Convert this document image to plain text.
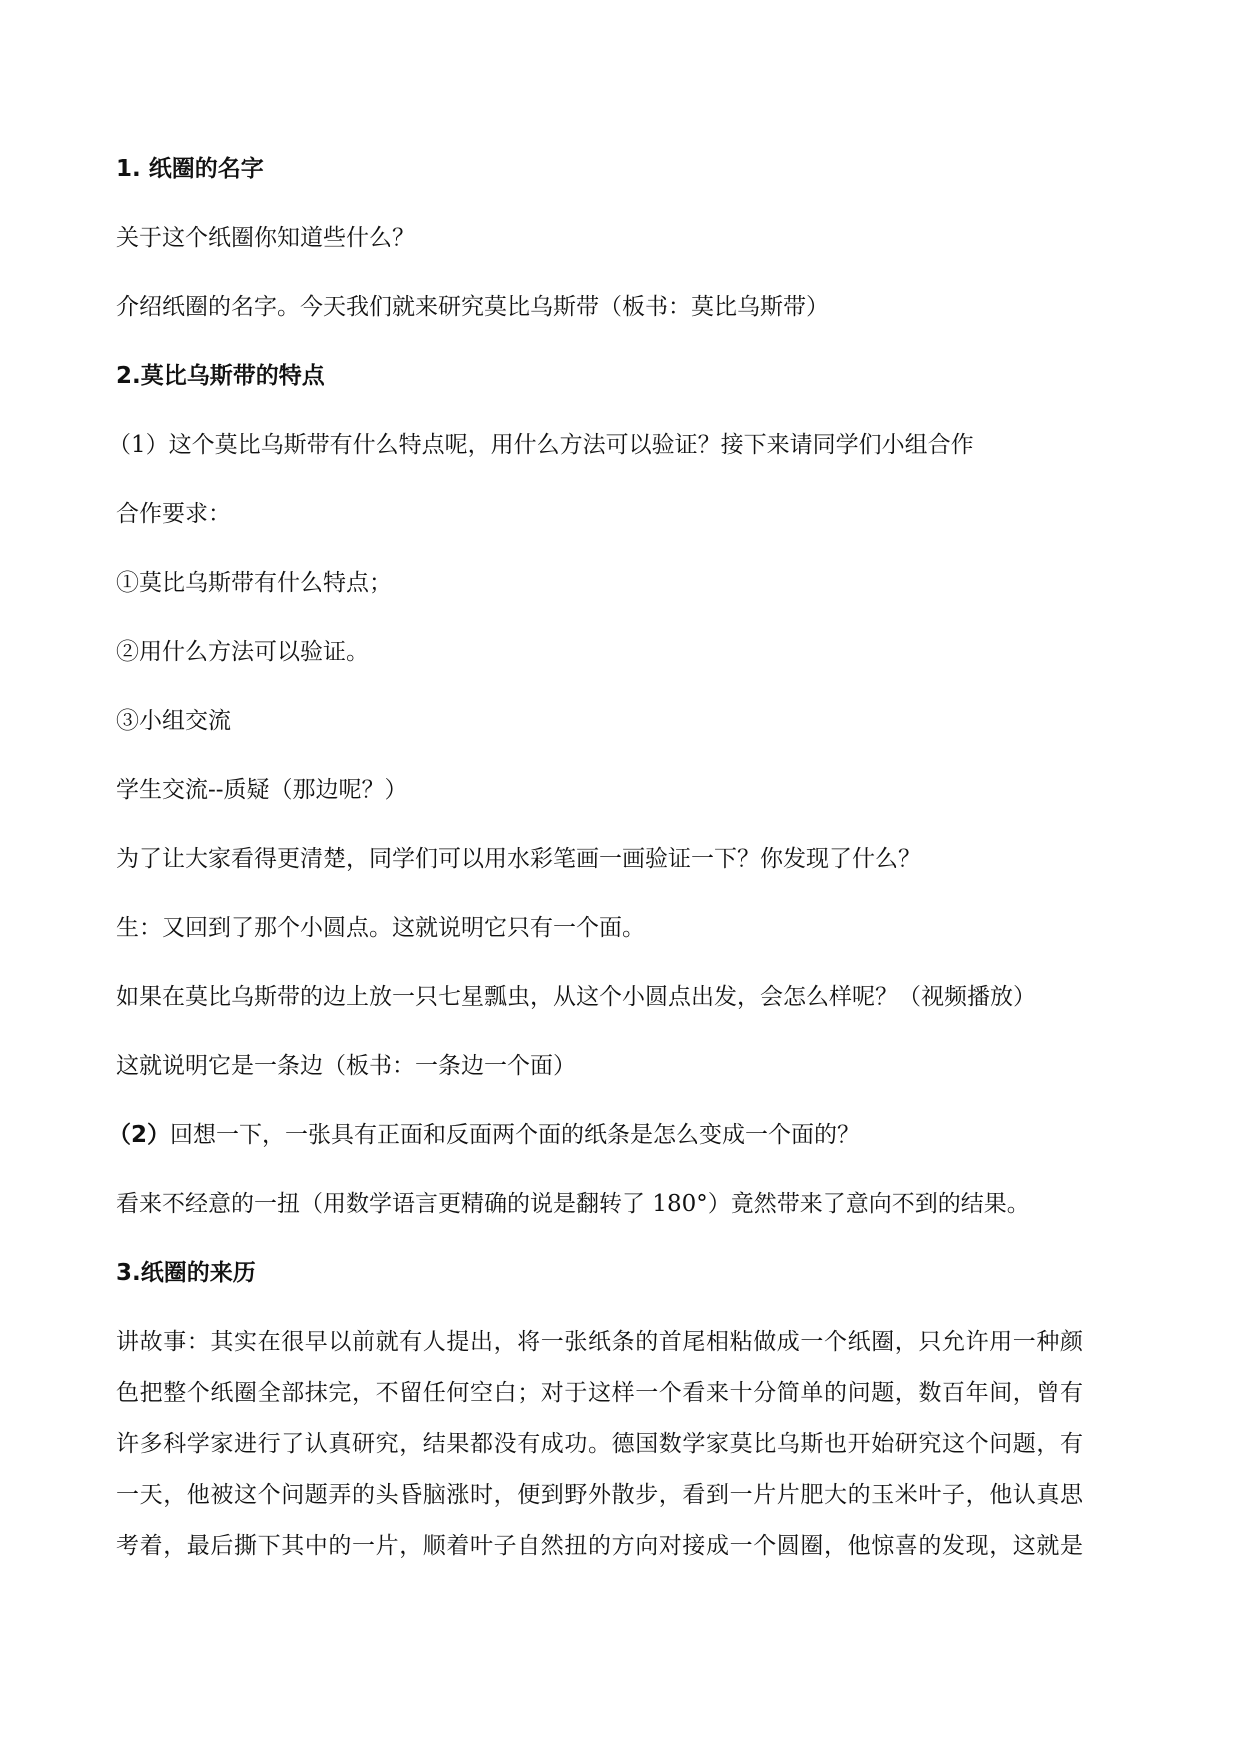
1. 纸圈的名字

关于这个纸圈你知道些什么？

介绍纸圈的名字。今天我们就来研究莫比乌斯带（板书：莫比乌斯带）

2.莫比乌斯带的特点

（1）这个莫比乌斯带有什么特点呢，用什么方法可以验证？接下来请同学们小组合作

合作要求：

①莫比乌斯带有什么特点；

②用什么方法可以验证。

③小组交流

学生交流--质疑（那边呢？）

为了让大家看得更清楚，同学们可以用水彩笔画一画验证一下？你发现了什么？

生：又回到了那个小圆点。这就说明它只有一个面。

如果在莫比乌斯带的边上放一只七星瓢虫，从这个小圆点出发，会怎么样呢？（视频播放）

这就说明它是一条边（板书：一条边一个面）

（2）回想一下，一张具有正面和反面两个面的纸条是怎么变成一个面的？

看来不经意的一扭（用数学语言更精确的说是翻转了 180°）竟然带来了意向不到的结果。

3.纸圈的来历

讲故事：其实在很早以前就有人提出，将一张纸条的首尾相粘做成一个纸圈，只允许用一种颜
色把整个纸圈全部抹完，不留任何空白；对于这样一个看来十分简单的问题，数百年间，曾有
许多科学家进行了认真研究，结果都没有成功。德国数学家莫比乌斯也开始研究这个问题，有
一天，他被这个问题弄的头昏脑涨时，便到野外散步，看到一片片肥大的玉米叶子，他认真思
考着，最后撕下其中的一片，顺着叶子自然扭的方向对接成一个圆圈，他惊喜的发现，这就是
